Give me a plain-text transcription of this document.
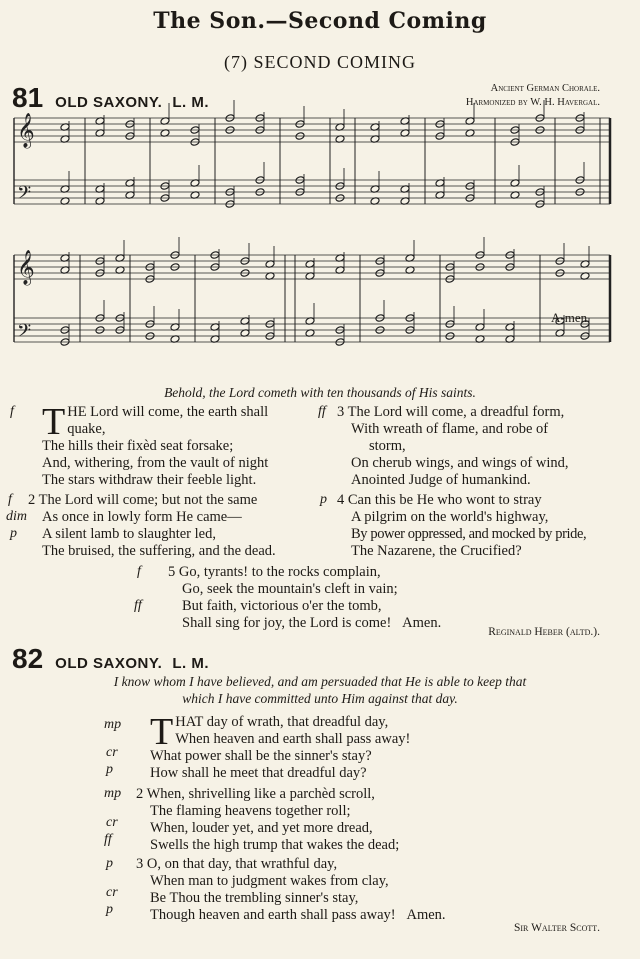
The Son.—Second Coming
(7) SECOND COMING
81 OLD SAXONY. L. M.
Ancient German Chorale.
Harmonized by W. H. Havergal.
𝄞
𝄢
𝄞
𝄢
A-men.
Behold, the Lord cometh with ten thousands of His saints.
f T HE Lord will come, the earth shall
quake,
The hills their fixèd seat forsake;
And, withering, from the vault of night
The stars withdraw their feeble light.
ff 3 The Lord will come, a dreadful form,
With wreath of flame, and robe of
storm,
On cherub wings, and wings of wind,
Anointed Judge of humankind.
f
dim
p
2 The Lord will come; but not the same
As once in lowly form He came—
A silent lamb to slaughter led,
The bruised, the suffering, and the dead.
p 4 Can this be He who wont to stray
A pilgrim on the world's highway,
By power oppressed, and mocked by pride,
The Nazarene, the Crucified?
f
ff
5 Go, tyrants! to the rocks complain,
Go, seek the mountain's cleft in vain;
But faith, victorious o'er the tomb,
Shall sing for joy, the Lord is come! Amen.
Reginald Heber (altd.).
82 OLD SAXONY. L. M.
I know whom I have believed, and am persuaded that He is able to keep that
which I have committed unto Him against that day.
mp
cr
p
T HAT day of wrath, that dreadful day,
When heaven and earth shall pass away!
What power shall be the sinner's stay?
How shall he meet that dreadful day?
mp
cr
ff
2 When, shrivelling like a parchèd scroll,
The flaming heavens together roll;
When, louder yet, and yet more dread,
Swells the high trump that wakes the dead;
p
cr
p
3 O, on that day, that wrathful day,
When man to judgment wakes from clay,
Be Thou the trembling sinner's stay,
Though heaven and earth shall pass away! Amen.
Sir Walter Scott.
